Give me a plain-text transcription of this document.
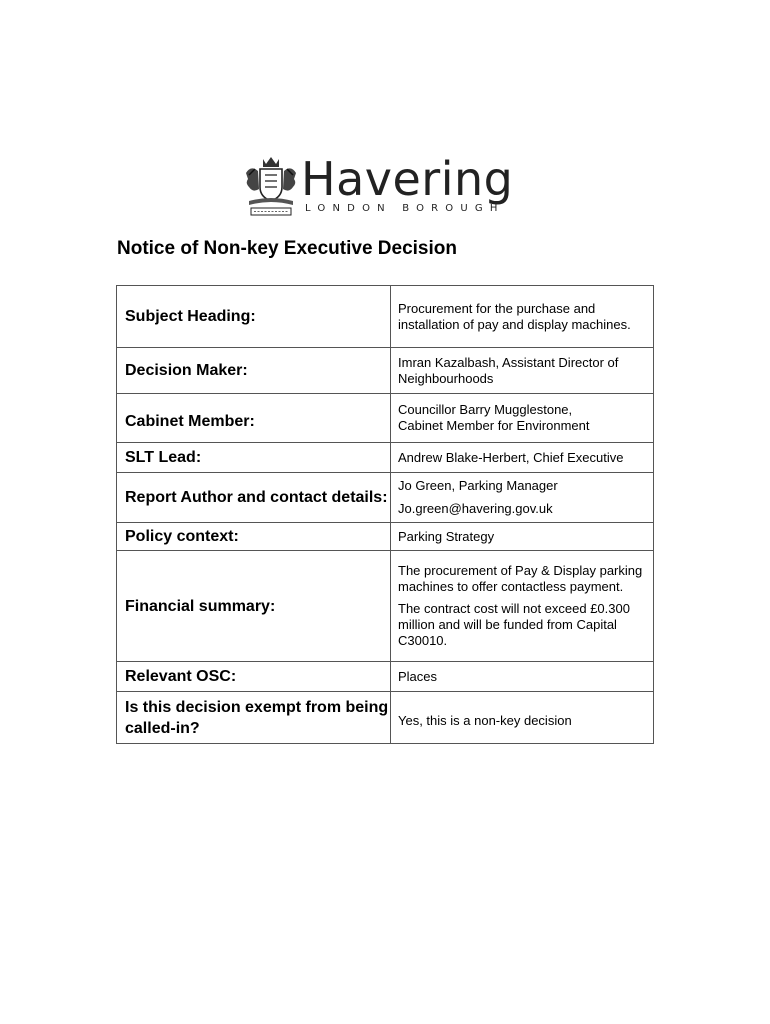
Havering
LONDON BOROUGH
Notice of Non-key Executive Decision
Subject Heading:	Procurement for the purchase and installation of pay and display machines.
Decision Maker:	Imran Kazalbash, Assistant Director of Neighbourhoods
Cabinet Member:	Councillor Barry Mugglestone,
Cabinet Member for Environment

SLT Lead:	Andrew Blake-Herbert, Chief Executive
Report Author and contact details:	Jo Green, Parking Manager
Jo.green@havering.gov.uk

Policy context:	Parking Strategy
Financial summary:	The procurement of Pay & Display parking machines to offer contactless payment.
The contract cost will not exceed £0.300 million and will be funded from Capital C30010.

Relevant OSC:	Places
Is this decision exempt from being called-in?	Yes, this is a non-key decision
